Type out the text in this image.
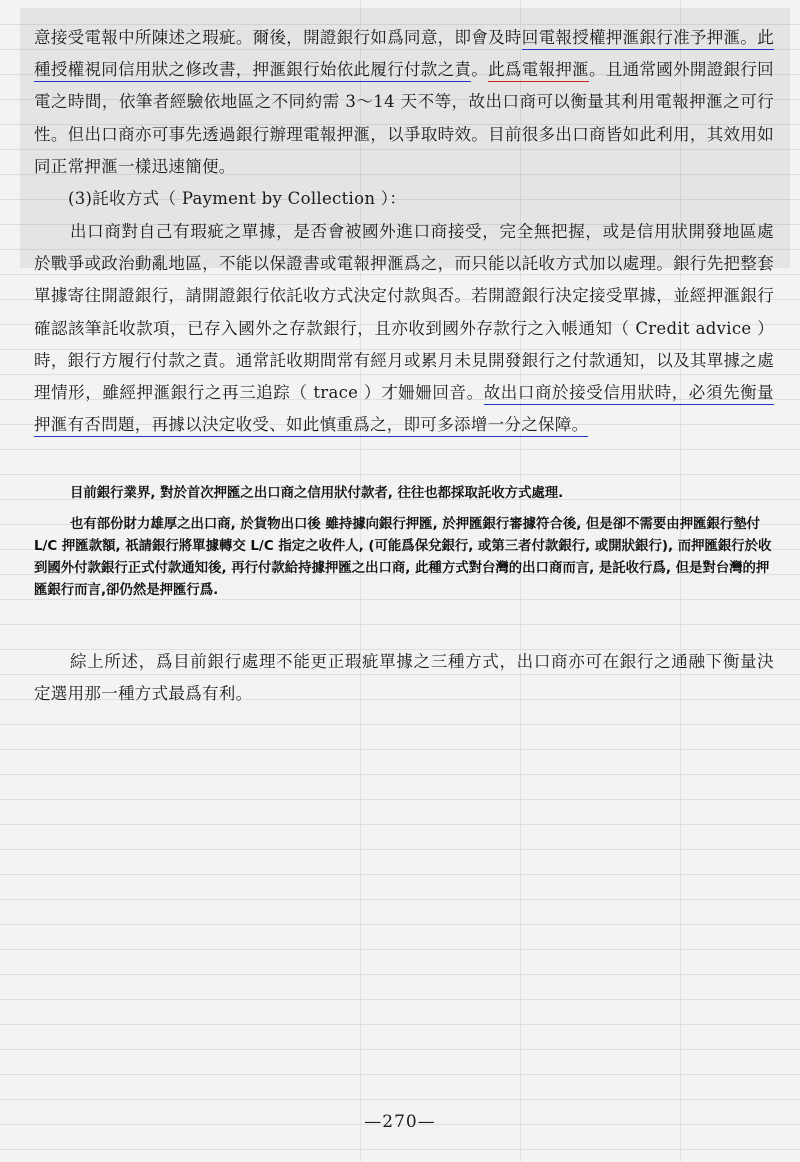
意接受電報中所陳述之瑕疵。爾後，開證銀行如爲同意，即會及時回電報授權押滙銀行准予押滙。此種授權視同信用狀之修改書，押滙銀行始依此履行付款之責。此爲電報押滙。且通常國外開證銀行回電之時間，依筆者經驗依地區之不同約需 3～14 天不等，故出口商可以衡量其利用電報押滙之可行性。但出口商亦可事先透過銀行辦理電報押滙，以爭取時效。目前很多出口商皆如此利用，其效用如同正常押滙一樣迅速簡便。

(3)託收方式（ Payment by Collection ）：

出口商對自己有瑕疵之單據，是否會被國外進口商接受，完全無把握，或是信用狀開發地區處於戰爭或政治動亂地區，不能以保證書或電報押滙爲之，而只能以託收方式加以處理。銀行先把整套單據寄往開證銀行，請開證銀行依託收方式決定付款與否。若開證銀行決定接受單據，並經押滙銀行確認該筆託收款項，已存入國外之存款銀行，且亦收到國外存款行之入帳通知（ Credit advice ）時，銀行方履行付款之責。通常託收期間常有經月或累月未見開發銀行之付款通知，以及其單據之處理情形，雖經押滙銀行之再三追踪（ trace ）才姍姍回音。故出口商於接受信用狀時，必須先衡量押滙有否問題，再據以決定收受、如此慎重爲之，即可多添增一分之保障。

目前銀行業界, 對於首次押匯之出口商之信用狀付款者, 往往也都採取託收方式處理.

也有部份財力雄厚之出口商, 於貨物出口後 雖持據向銀行押匯, 於押匯銀行審據符合後, 但是卻不需要由押匯銀行墊付 L/C 押匯款額, 祇請銀行將單據轉交 L/C 指定之收件人, (可能爲保兌銀行, 或第三者付款銀行, 或開狀銀行), 而押匯銀行於收到國外付款銀行正式付款通知後, 再行付款給持據押匯之出口商, 此種方式對台灣的出口商而言, 是託收行爲, 但是對台灣的押匯銀行而言,卻仍然是押匯行爲.

綜上所述，爲目前銀行處理不能更正瑕疵單據之三種方式，出口商亦可在銀行之通融下衡量決定選用那一種方式最爲有利。

—270—
